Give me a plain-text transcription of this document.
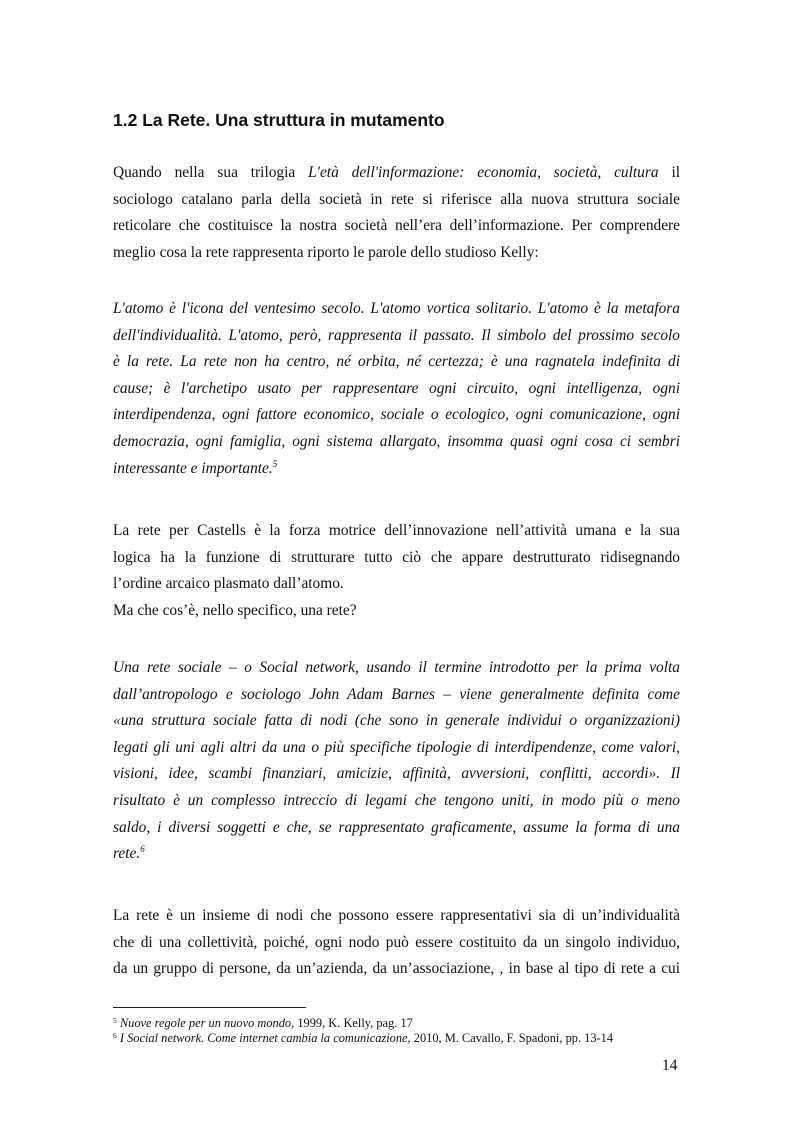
1.2 La Rete. Una struttura in mutamento

Quando nella sua trilogia L'età dell'informazione: economia, società, cultura il
sociologo catalano parla della società in rete si riferisce alla nuova struttura sociale
reticolare che costituisce la nostra società nell’era dell’informazione. Per comprendere
meglio cosa la rete rappresenta riporto le parole dello studioso Kelly:

L'atomo è l'icona del ventesimo secolo. L'atomo vortica solitario. L'atomo è la metafora
dell'individualità. L'atomo, però, rappresenta il passato. Il simbolo del prossimo secolo
è la rete. La rete non ha centro, né orbita, né certezza; è una ragnatela indefinita di
cause; è l'archetipo usato per rappresentare ogni circuito, ogni intelligenza, ogni
interdipendenza, ogni fattore economico, sociale o ecologico, ogni comunicazione, ogni
democrazia, ogni famiglia, ogni sistema allargato, insomma quasi ogni cosa ci sembri
interessante e importante.$^5$

La rete per Castells è la forza motrice dell’innovazione nell’attività umana e la sua
logica ha la funzione di strutturare tutto ciò che appare destrutturato ridisegnando
l’ordine arcaico plasmato dall’atomo.
Ma che cos’è, nello specifico, una rete?

Una rete sociale – o Social network, usando il termine introdotto per la prima volta
dall’antropologo e sociologo John Adam Barnes – viene generalmente definita come
«una struttura sociale fatta di nodi (che sono in generale individui o organizzazioni)
legati gli uni agli altri da una o più specifiche tipologie di interdipendenze, come valori,
visioni, idee, scambi finanziari, amicizie, affinità, avversioni, conflitti, accordi». Il
risultato è un complesso intreccio di legami che tengono uniti, in modo più o meno
saldo, i diversi soggetti e che, se rappresentato graficamente, assume la forma di una
rete.$^6$

La rete è un insieme di nodi che possono essere rappresentativi sia di un’individualità
che di una collettività, poiché, ogni nodo può essere costituito da un singolo individuo,
da un gruppo di persone, da un’azienda, da un’associazione, , in base al tipo di rete a cui

$^5$ Nuove regole per un nuovo mondo, 1999, K. Kelly, pag. 17
$^6$ I Social network. Come internet cambia la comunicazione, 2010, M. Cavallo, F. Spadoni, pp. 13-14
14
